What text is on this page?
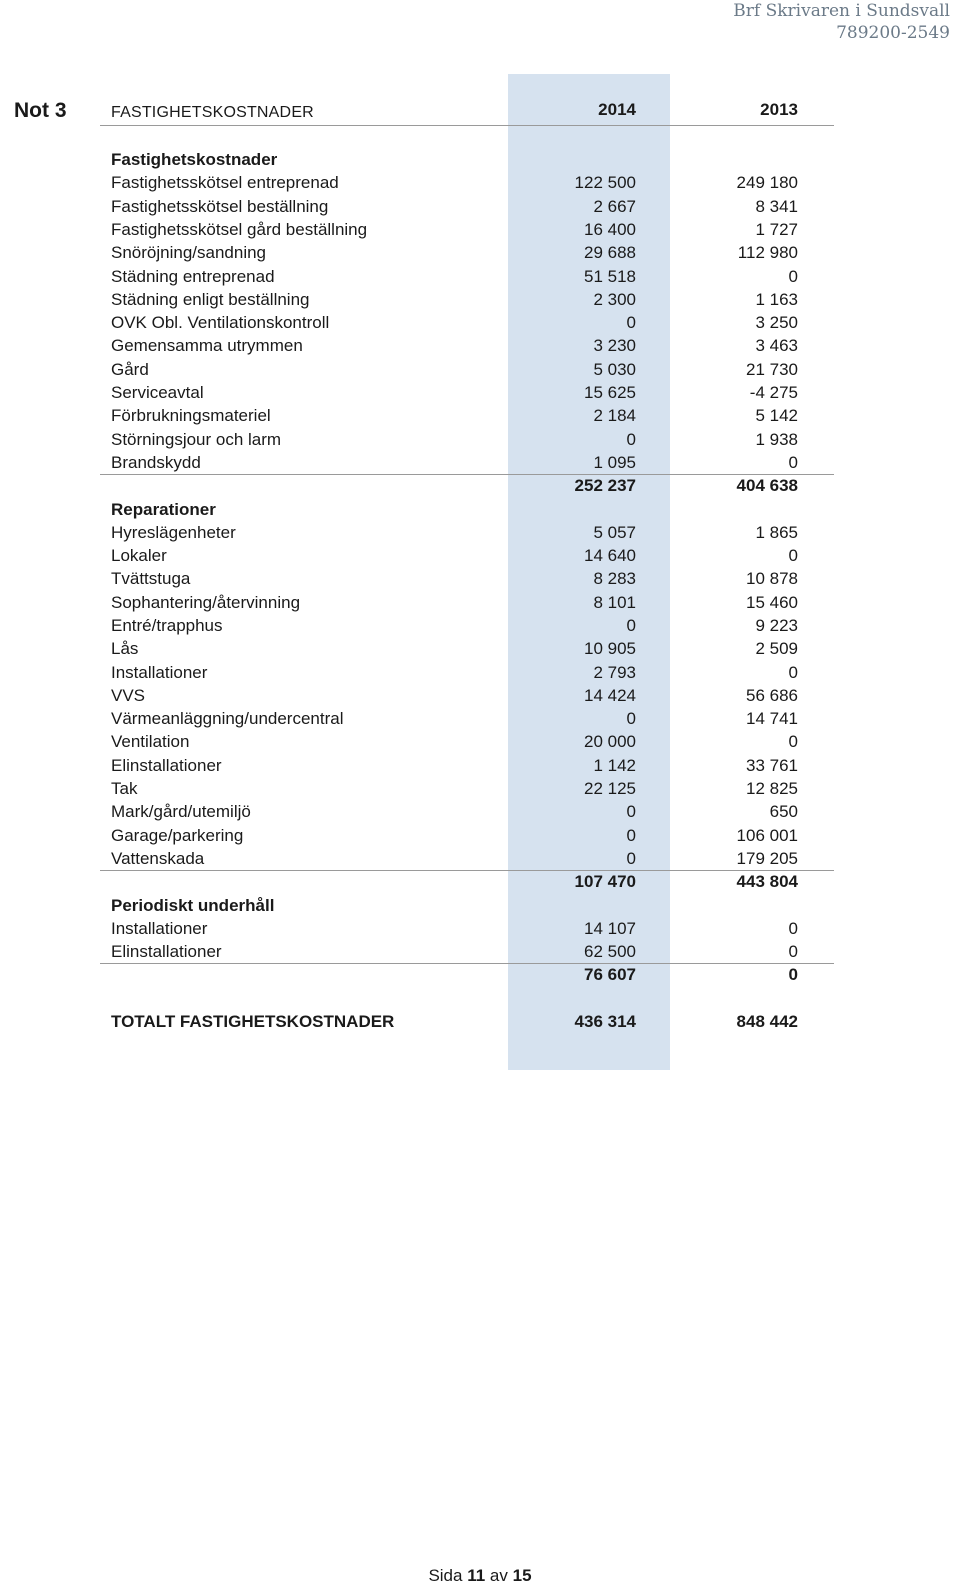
Brf Skrivaren i Sundsvall
789200-2549
Not 3	FASTIGHETSKOSTNADER	2014	2013
Fastighetskostnader
Fastighetsskötsel entreprenad	122 500	249 180
Fastighetsskötsel beställning	2 667	8 341
Fastighetsskötsel gård beställning	16 400	1 727
Snöröjning/sandning	29 688	112 980
Städning entreprenad	51 518	0
Städning enligt beställning	2 300	1 163
OVK Obl. Ventilationskontroll	0	3 250
Gemensamma utrymmen	3 230	3 463
Gård	5 030	21 730
Serviceavtal	15 625	-4 275
Förbrukningsmateriel	2 184	5 142
Störningsjour och larm	0	1 938
Brandskydd	1 095	0
252 237	404 638
Reparationer
Hyreslägenheter	5 057	1 865
Lokaler	14 640	0
Tvättstuga	8 283	10 878
Sophantering/återvinning	8 101	15 460
Entré/trapphus	0	9 223
Lås	10 905	2 509
Installationer	2 793	0
VVS	14 424	56 686
Värmeanläggning/undercentral	0	14 741
Ventilation	20 000	0
Elinstallationer	1 142	33 761
Tak	22 125	12 825
Mark/gård/utemiljö	0	650
Garage/parkering	0	106 001
Vattenskada	0	179 205
107 470	443 804
Periodiskt underhåll
Installationer	14 107	0
Elinstallationer	62 500	0
76 607	0
TOTALT FASTIGHETSKOSTNADER	436 314	848 442
Sida 11 av 15
